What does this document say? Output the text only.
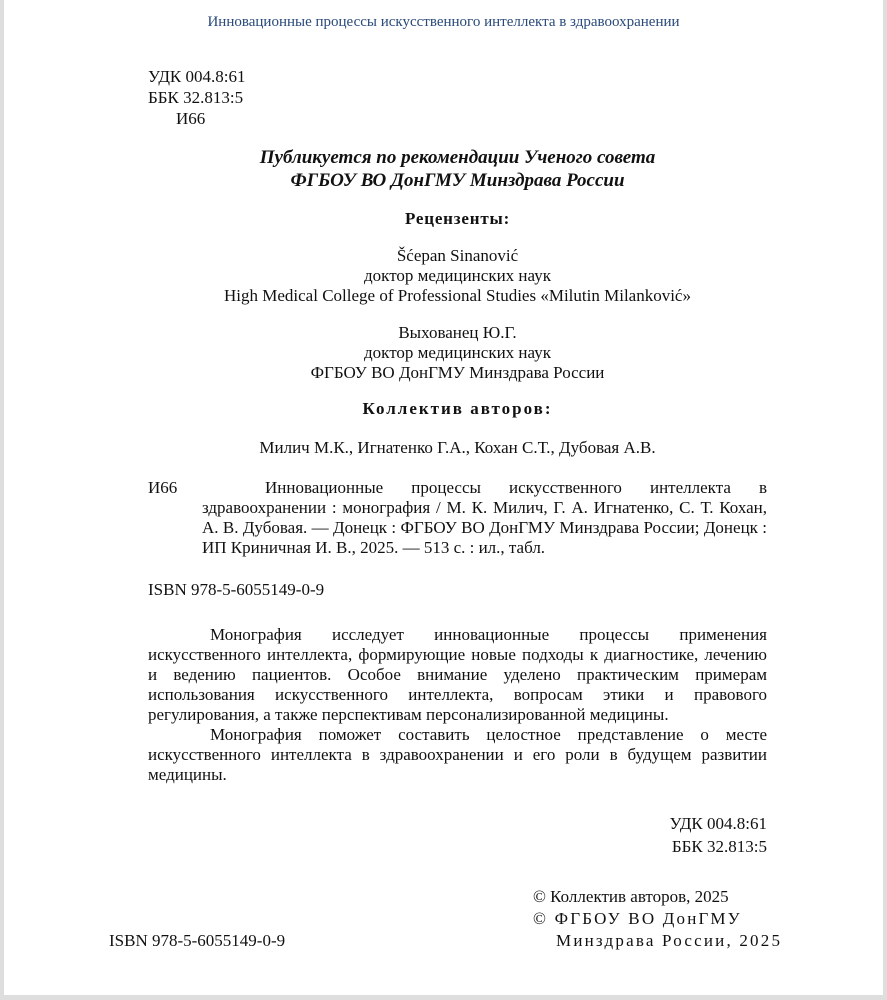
Инновационные процессы искусственного интеллекта в здравоохранении
УДК 004.8:61
ББК 32.813:5
И66
Публикуется по рекомендации Ученого совета
ФГБОУ ВО ДонГМУ Минздрава России
Рецензенты:
Šćepan Sinanović
доктор медицинских наук
High Medical College of Professional Studies «Milutin Milanković»
Выхованец Ю.Г.
доктор медицинских наук
ФГБОУ ВО ДонГМУ Минздрава России
Коллектив авторов:
Милич М.К., Игнатенко Г.А., Кохан С.Т., Дубовая А.В.
И66	Инновационные процессы искусственного интеллекта в здравоохранении : монография / М. К. Милич, Г. А. Игнатенко, С. Т. Кохан, А. В. Дубовая. — Донецк : ФГБОУ ВО ДонГМУ Минздрава России; Донецк : ИП Криничная И. В., 2025. — 513 с. : ил., табл.
ISBN 978-5-6055149-0-9

Монография исследует инновационные процессы применения искусственного интеллекта, формирующие новые подходы к диагностике, лечению и ведению пациентов. Особое внимание уделено практическим примерам использования искусственного интеллекта, вопросам этики и правового регулирования, а также перспективам персонализированной медицины.

Монография поможет составить целостное представление о месте искусственного интеллекта в здравоохранении и его роли в будущем развитии медицины.

УДК 004.8:61
ББК 32.813:5
© Коллектив авторов, 2025
© ФГБОУ ВО ДонГМУ
Минздрава России, 2025
ISBN 978-5-6055149-0-9
